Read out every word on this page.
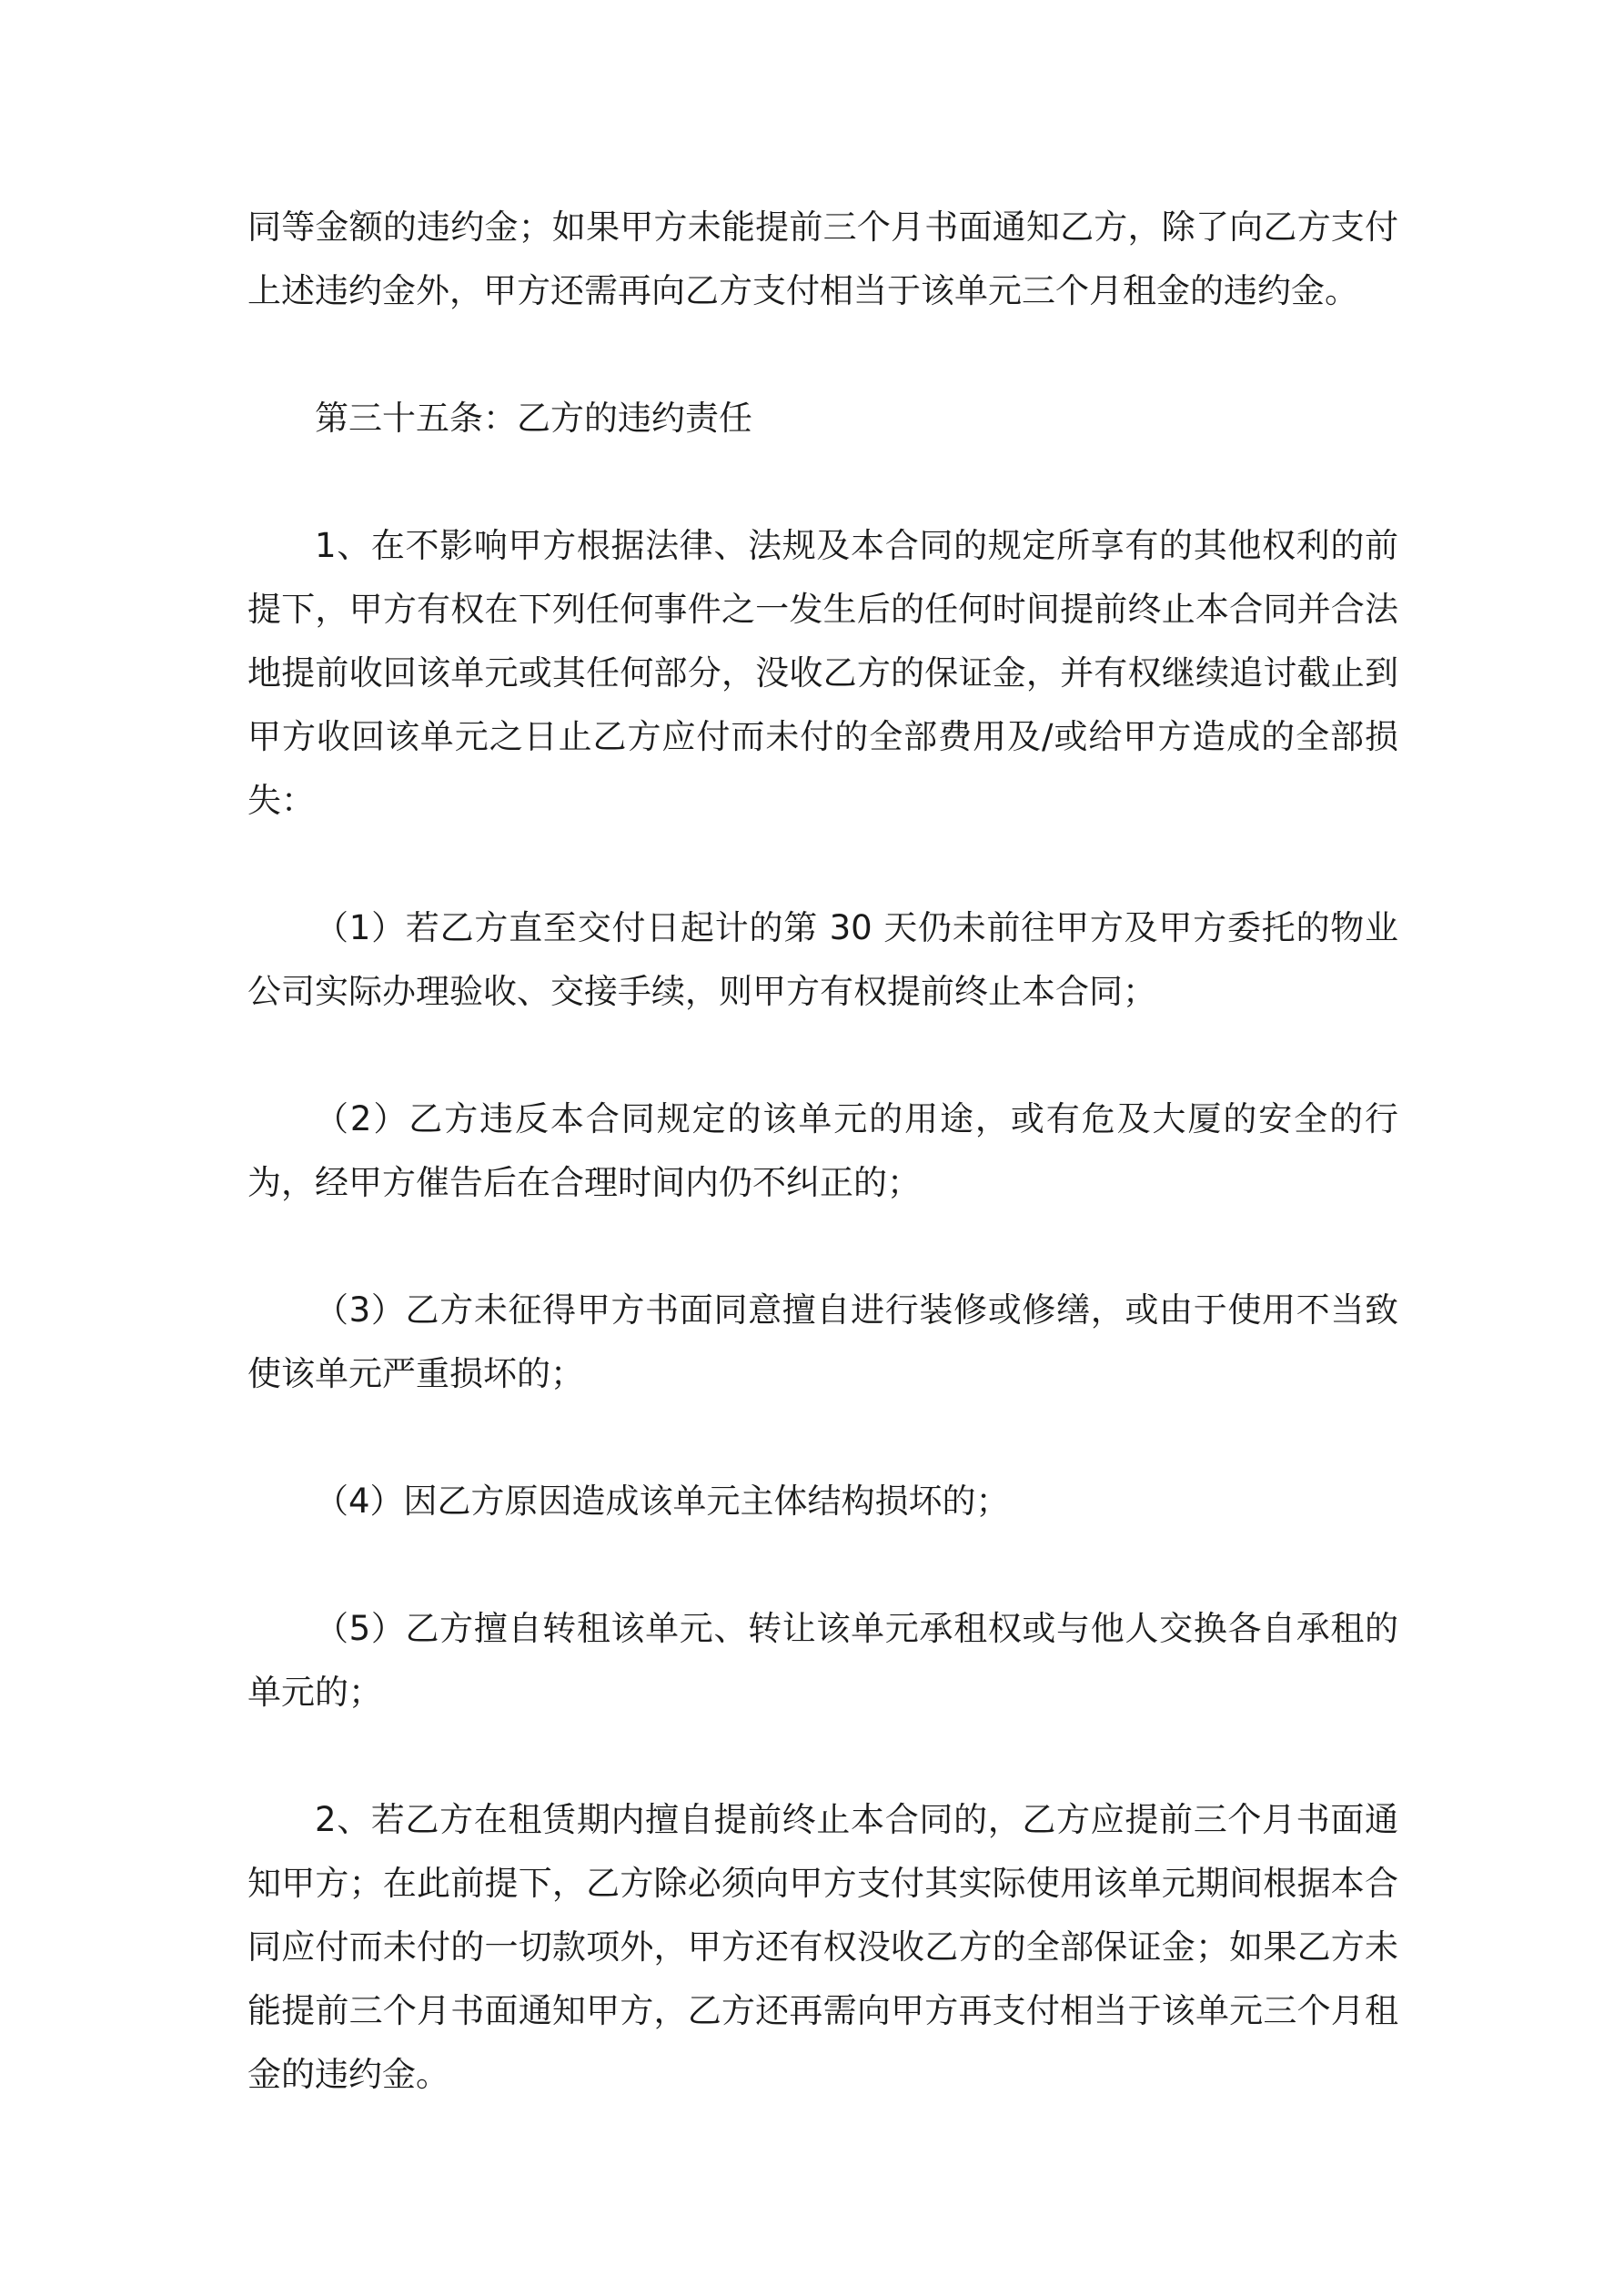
同等金额的违约金；如果甲方未能提前三个月书面通知乙方，除了向乙方支付上述违约金外，甲方还需再向乙方支付相当于该单元三个月租金的违约金。

第三十五条：乙方的违约责任

1、在不影响甲方根据法律、法规及本合同的规定所享有的其他权利的前提下，甲方有权在下列任何事件之一发生后的任何时间提前终止本合同并合法地提前收回该单元或其任何部分，没收乙方的保证金，并有权继续追讨截止到甲方收回该单元之日止乙方应付而未付的全部费用及/或给甲方造成的全部损失：

（1）若乙方直至交付日起计的第 30 天仍未前往甲方及甲方委托的物业公司实际办理验收、交接手续，则甲方有权提前终止本合同；

（2）乙方违反本合同规定的该单元的用途，或有危及大厦的安全的行为，经甲方催告后在合理时间内仍不纠正的；

（3）乙方未征得甲方书面同意擅自进行装修或修缮，或由于使用不当致使该单元严重损坏的；

（4）因乙方原因造成该单元主体结构损坏的；

（5）乙方擅自转租该单元、转让该单元承租权或与他人交换各自承租的单元的；

2、若乙方在租赁期内擅自提前终止本合同的，乙方应提前三个月书面通知甲方；在此前提下，乙方除必须向甲方支付其实际使用该单元期间根据本合同应付而未付的一切款项外，甲方还有权没收乙方的全部保证金；如果乙方未能提前三个月书面通知甲方，乙方还再需向甲方再支付相当于该单元三个月租金的违约金。
